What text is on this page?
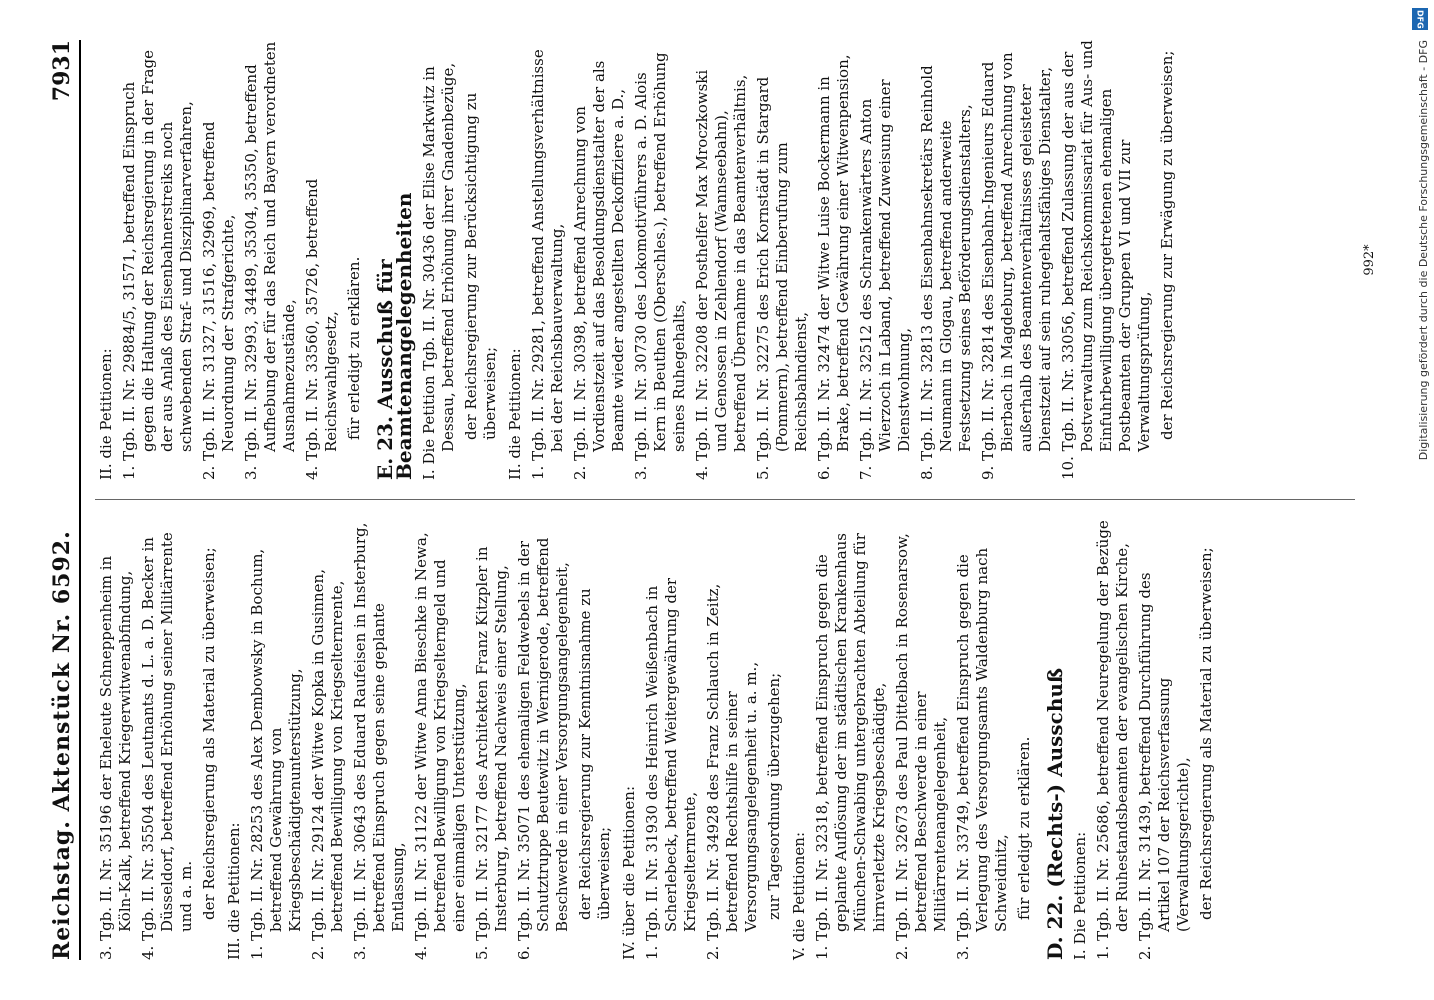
Reichstag. Aktenstück Nr. 6592.
7931
3. Tgb. II. Nr. 35196 der Eheleute Schneppenheim in Köln-Kalk, betreffend Kriegerwitwenabfindung, 4. Tgb. II. Nr. 35504 des Leutnants d. L. a. D. Becker in Düsseldorf, betreffend Erhöhung seiner Militärrente und a. m. der Reichsregierung als Material zu überweisen; III. die Petitionen: 1. Tgb. II. Nr. 28253 des Alex Dembowsky in Bochum, betreffend Gewährung von Kriegsbeschädigtenunterstützung, 2. Tgb. II. Nr. 29124 der Witwe Kopka in Gusinnen, betreffend Bewilligung von Kriegselternrente, 3. Tgb. II. Nr. 30643 des Eduard Raufeisen in Insterburg, betreffend Einspruch gegen seine geplante Entlassung, 4. Tgb. II. Nr. 31122 der Witwe Anna Bieschke in Newa, betreffend Bewilligung von Kriegselterngeld und einer einmaligen Unterstützung, 5. Tgb. II. Nr. 32177 des Architekten Franz Kitzpler in Insterburg, betreffend Nachweis einer Stellung, 6. Tgb. II. Nr. 35071 des ehemaligen Feldwebels in der Schutztruppe Beutewitz in Wernigerode, betreffend Beschwerde in einer Versorgungsangelegenheit, der Reichsregierung zur Kenntnisnahme zu überweisen; IV. über die Petitionen: 1. Tgb. II. Nr. 31930 des Heinrich Weißenbach in Scherlebeck, betreffend Weitergewährung der Kriegselternrente, 2. Tgb. II. Nr. 34928 des Franz Schlauch in Zeitz, betreffend Rechtshilfe in seiner Versorgungsangelegenheit u. a. m., zur Tagesordnung überzugehen; V. die Petitionen: 1. Tgb. II. Nr. 32318, betreffend Einspruch gegen die geplante Auflösung der im städtischen Krankenhaus München-Schwabing untergebrachten Abteilung für hirnverletzte Kriegsbeschädigte, 2. Tgb. II. Nr. 32673 des Paul Dittelbach in Rosenarsow, betreffend Beschwerde in einer Militärrentenangelegenheit, 3. Tgb. II. Nr. 33749, betreffend Einspruch gegen die Verlegung des Versorgungsamts Waldenburg nach Schweidnitz, für erledigt zu erklären. D. 22. (Rechts-) Ausschuß I. Die Petitionen: 1. Tgb. II. Nr. 25686, betreffend Neuregelung der Bezüge der Ruhestandsbeamten der evangelischen Kirche, 2. Tgb. II. Nr. 31439, betreffend Durchführung des Artikel 107 der Reichsverfassung (Verwaltungsgerichte), der Reichsregierung als Material zu überweisen;
II. die Petitionen: 1. Tgb. II. Nr. 29884/5, 31571, betreffend Einspruch gegen die Haltung der Reichsregierung in der Frage der aus Anlaß des Eisenbahnerstreiks noch schwebenden Straf- und Disziplinarverfahren, 2. Tgb. II. Nr. 31327, 31516, 32969, betreffend Neuordnung der Strafgerichte, 3. Tgb. II. Nr. 32993, 34489, 35304, 35350, betreffend Aufhebung der für das Reich und Bayern verordneten Ausnahmezustände, 4. Tgb. II. Nr. 33560, 35726, betreffend Reichswahlgesetz, für erledigt zu erklären. E. 23. Ausschuß für Beamtenangelegenheiten I. Die Petition Tgb. II. Nr. 30436 der Elise Markwitz in Dessau, betreffend Erhöhung ihrer Gnadenbezüge, der Reichsregierung zur Berücksichtigung zu überweisen; II. die Petitionen: 1. Tgb. II. Nr. 29281, betreffend Anstellungsverhältnisse bei der Reichsbauverwaltung, 2. Tgb. II. Nr. 30398, betreffend Anrechnung von Vordienstzeit auf das Besoldungsdienstalter der als Beamte wieder angestellten Deckoffiziere a. D., 3. Tgb. II. Nr. 30730 des Lokomotivführers a. D. Alois Kern in Beuthen (Oberschles.), betreffend Erhöhung seines Ruhegehalts, 4. Tgb. II. Nr. 32208 der Posthelfer Max Mroczkowski und Genossen in Zehlendorf (Wannseebahn), betreffend Übernahme in das Beamtenverhältnis, 5. Tgb. II. Nr. 32275 des Erich Kornstädt in Stargard (Pommern), betreffend Einberufung zum Reichsbahndienst, 6. Tgb. II. Nr. 32474 der Witwe Luise Bockermann in Brake, betreffend Gewährung einer Witwenpension, 7. Tgb. II. Nr. 32512 des Schrankenwärters Anton Wierzoch in Laband, betreffend Zuweisung einer Dienstwohnung, 8. Tgb. II. Nr. 32813 des Eisenbahnsekretärs Reinhold Neumann in Glogau, betreffend anderweite Festsetzung seines Beförderungsdienstalters, 9. Tgb. II. Nr. 32814 des Eisenbahn-Ingenieurs Eduard Bierbach in Magdeburg, betreffend Anrechnung von außerhalb des Beamtenverhältnisses geleisteter Dienstzeit auf sein ruhegehaltsfähiges Dienstalter, 10. Tgb. II. Nr. 33056, betreffend Zulassung der aus der Postverwaltung zum Reichskommissariat für Aus- und Einfuhrbewilligung übergetretenen ehemaligen Postbeamten der Gruppen VI und VII zur Verwaltungsprüfung, der Reichsregierung zur Erwägung zu überweisen;	992*
DFG
Digitalisierung gefördert durch die Deutsche Forschungsgemeinschaft - DFG
